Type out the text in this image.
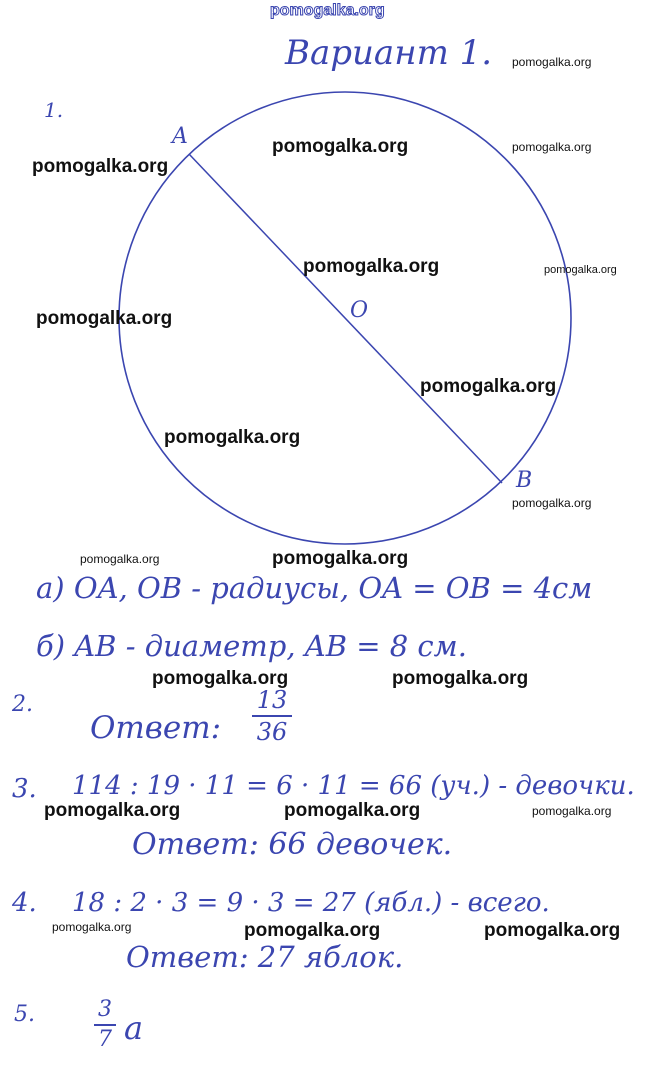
pomogalka.org
Вариант 1.
1.
A
O
B
а) OA, OB - радиусы, OA = OB = 4см
б) AB - диаметр, AB = 8 см.
2.
Ответ:
13
36
3. 114 : 19 · 11 = 6 · 11 = 66 (уч.) - девочки.
Ответ: 66 девочек.
4. 18 : 2 · 3 = 9 · 3 = 27 (ябл.) - всего.
Ответ: 27 яблок.
5.	3
7 a
pomogalka.org
pomogalka.org	pomogalka.org
pomogalka.org
pomogalka.org	pomogalka.org
pomogalka.org
pomogalka.org
pomogalka.org
pomogalka.org
pomogalka.org	pomogalka.org
pomogalka.org	pomogalka.org
pomogalka.org	pomogalka.org	pomogalka.org
pomogalka.org	pomogalka.org	pomogalka.org
